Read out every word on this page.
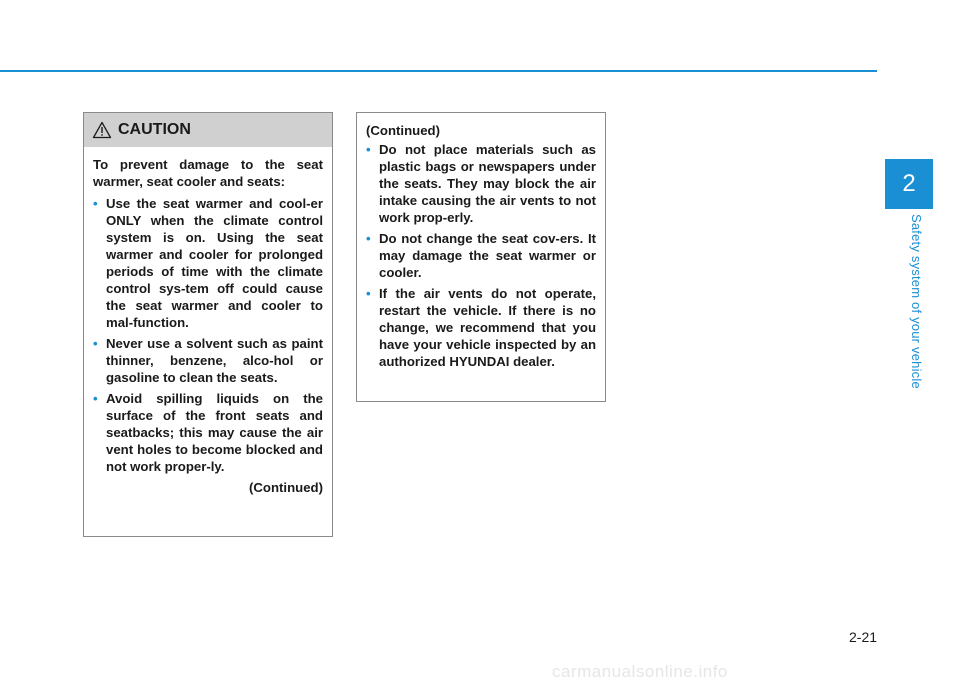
2
Safety system of your vehicle
CAUTION
To prevent damage to the seat warmer, seat cooler and seats:
• Use the seat warmer and cool-er ONLY when the climate control system is on. Using the seat warmer and cooler for prolonged periods of time with the climate control sys-tem off could cause the seat warmer and cooler to mal-function.
• Never use a solvent such as paint thinner, benzene, alco-hol or gasoline to clean the seats.
• Avoid spilling liquids on the surface of the front seats and seatbacks; this may cause the air vent holes to become blocked and not work proper-ly.
(Continued)
(Continued)
• Do not place materials such as plastic bags or newspapers under the seats. They may block the air intake causing the air vents to not work prop-erly.
• Do not change the seat cov-ers. It may damage the seat warmer or cooler.
• If the air vents do not operate, restart the vehicle. If there is no change, we recommend that you have your vehicle inspected by an authorized HYUNDAI dealer.
2-21
carmanualsonline.info
